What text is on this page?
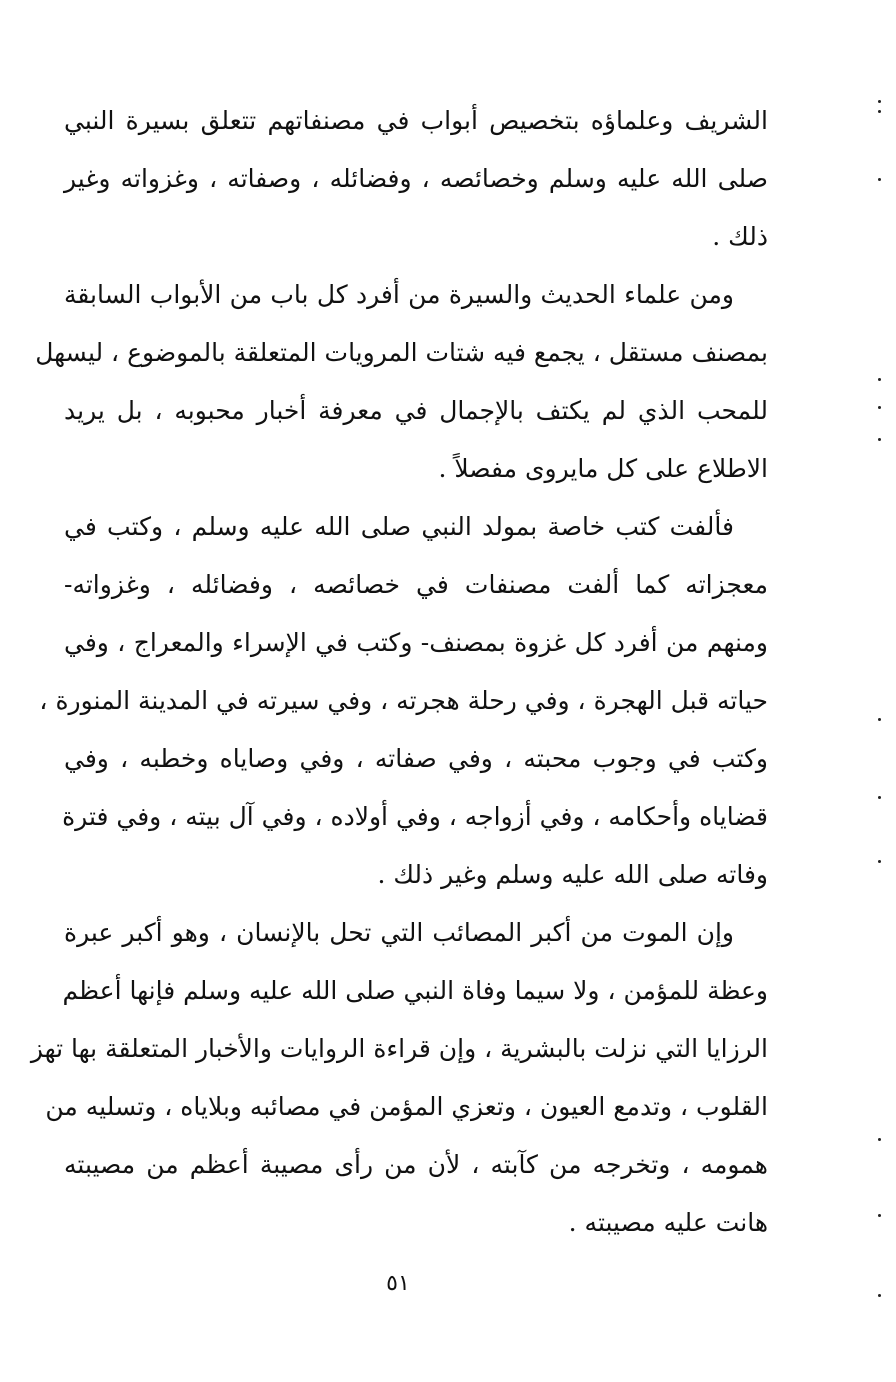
الشريف وعلماؤه بتخصيص أبواب في مصنفاتهم تتعلق بسيرة النبي
صلى الله عليه وسلم وخصائصه ، وفضائله ، وصفاته ، وغزواته وغير
ذلك .

ومن علماء الحديث والسيرة من أفرد كل باب من الأبواب السابقة
بمصنف مستقل ، يجمع فيه شتات المرويات المتعلقة بالموضوع ، ليسهل
للمحب الذي لم يكتف بالإجمال في معرفة أخبار محبوبه ، بل يريد
الاطلاع على كل مايروى مفصلاً .

فألفت كتب خاصة بمولد النبي صلى الله عليه وسلم ، وكتب في
معجزاته كما ألفت مصنفات في خصائصه ، وفضائله ، وغزواته-
ومنهم من أفرد كل غزوة بمصنف- وكتب في الإسراء والمعراج ، وفي
حياته قبل الهجرة ، وفي رحلة هجرته ، وفي سيرته في المدينة المنورة ،
وكتب في وجوب محبته ، وفي صفاته ، وفي وصاياه وخطبه ، وفي
قضاياه وأحكامه ، وفي أزواجه ، وفي أولاده ، وفي آل بيته ، وفي فترة
وفاته صلى الله عليه وسلم وغير ذلك .

وإن الموت من أكبر المصائب التي تحل بالإنسان ، وهو أكبر عبرة
وعظة للمؤمن ، ولا سيما وفاة النبي صلى الله عليه وسلم فإنها أعظم
الرزايا التي نزلت بالبشرية ، وإن قراءة الروايات والأخبار المتعلقة بها تهز
القلوب ، وتدمع العيون ، وتعزي المؤمن في مصائبه وبلاياه ، وتسليه من
همومه ، وتخرجه من كآبته ، لأن من رأى مصيبة أعظم من مصيبته
هانت عليه مصيبته .

٥١
